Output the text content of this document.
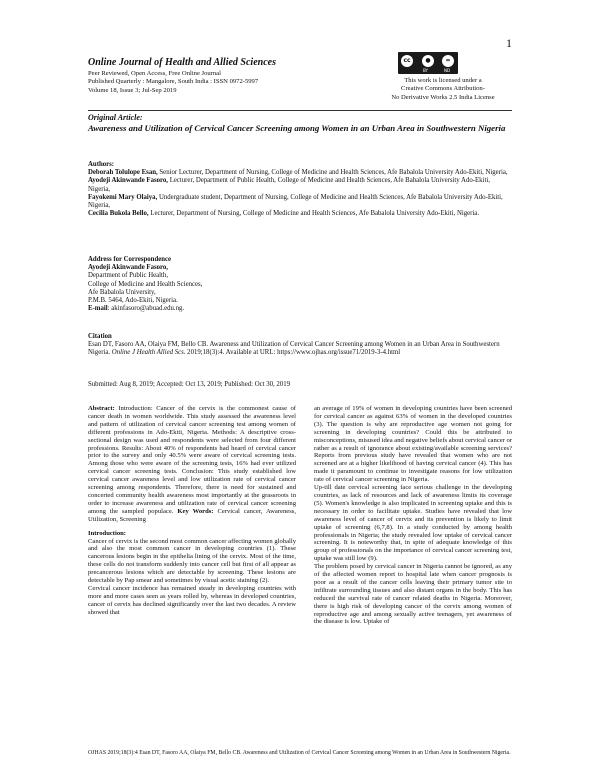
1
Online Journal of Health and Allied Sciences
Peer Reviewed, Open Access, Free Online Journal
Published Quarterly : Mangalore, South India : ISSN 0972-5997
Volume 18, Issue 3; Jul-Sep 2019
cc	●	=
BY	ND
This work is licensed under a
Creative Commons Attribution-
No Derivative Works 2.5 India License
Original Article:
Awareness and Utilization of Cervical Cancer Screening among Women in an Urban Area in Southwestern Nigeria
Authors:
Deborah Tolulope Esan, Senior Lecturer, Department of Nursing, College of Medicine and Health Sciences, Afe Babalola University Ado-Ekiti, Nigeria,
Ayodeji Akinwande Fasoro, Lecturer, Department of Public Health, College of Medicine and Health Sciences, Afe Babalola University Ado-Ekiti, Nigeria,
Fayokemi Mary Olaiya, Undergraduate student, Department of Nursing, College of Medicine and Health Sciences, Afe Babalola University Ado-Ekiti, Nigeria,
Cecilia Bukola Bello, Lecturer, Department of Nursing, College of Medicine and Health Sciences, Afe Babalola University Ado-Ekiti, Nigeria.
Address for Correspondence
Ayodeji Akinwande Fasoro,
Department of Public Health,
College of Medicine and Health Sciences,
Afe Babalola University,
P.M.B. 5464, Ado-Ekiti, Nigeria.
E-mail: akinfasoro@abuad.edu.ng.
Citation
Esan DT, Fasoro AA, Olaiya FM, Bello CB. Awareness and Utilization of Cervical Cancer Screening among Women in an Urban Area in Southwestern Nigeria. Online J Health Allied Scs. 2019;18(3):4. Available at URL: https://www.ojhas.org/issue71/2019-3-4.html
Submitted: Aug 8, 2019; Accepted: Oct 13, 2019; Published: Oct 30, 2019
Abstract: Introduction: Cancer of the cervix is the commonest cause of cancer death in women worldwide. This study assessed the awareness level and pattern of utilization of cervical cancer screening test among women of different professions in Ado-Ekiti, Nigeria. Methods: A descriptive cross-sectional design was used and respondents were selected from four different professions. Results: About 40% of respondents had heard of cervical cancer prior to the survey and only 40.5% were aware of cervical screening tests. Among those who were aware of the screening tests, 16% had ever utilized cervical cancer screening tests. Conclusion: This study established low cervical cancer awareness level and low utilization rate of cervical cancer screening among respondents. Therefore, there is need for sustained and concerted community health awareness most importantly at the grassroots in order to increase awareness and utilization rate of cervical cancer screening among the sampled populace. Key Words: Cervical cancer, Awareness, Utilization, Screening
Introduction:
Cancer of cervix is the second most common cancer affecting women globally and also the most common cancer in developing countries (1). These cancerous lesions begin in the epithelia lining of the cervix. Most of the time, these cells do not transform suddenly into cancer cell but first of all appear as precancerous lesions which are detectable by screening. These lesions are detectable by Pap smear and sometimes by visual acetic staining (2).
Cervical cancer incidence has remained steady in developing countries with more and more cases seen as years rolled by, whereas in developed countries, cancer of cervix has declined significantly over the last two decades. A review showed that
an average of 19% of women in developing countries have been screened for cervical cancer as against 63% of women in the developed countries (3). The question is why are reproductive age women not going for screening in developing countries? Could this be attributed to misconceptions, misused idea and negative beliefs about cervical cancer or rather as a result of ignorance about existing/available screening services? Reports from previous study have revealed that women who are not screened are at a higher likelihood of having cervical cancer (4). This has made it paramount to continue to investigate reasons for low utilization rate of cervical cancer screening in Nigeria.
Up-till date cervical screening face serious challenge in the developing countries, as lack of resources and lack of awareness limits its coverage (5). Women's knowledge is also implicated in screening uptake and this is necessary in order to facilitate uptake. Studies have revealed that low awareness level of cancer of cervix and its prevention is likely to limit uptake of screening (6,7,8). In a study conducted by among health professionals in Nigeria; the study revealed low uptake of cervical cancer screening. It is noteworthy that, in spite of adequate knowledge of this group of professionals on the importance of cervical cancer screening test, uptake was still low (9).
The problem posed by cervical cancer in Nigeria cannot be ignored, as any of the affected women report to hospital late when cancer prognosis is poor as a result of the cancer cells leaving their primary tumor site to infiltrate surrounding tissues and also distant organs in the body. This has reduced the survival rate of cancer related deaths in Nigeria. Moreover, there is high risk of developing cancer of the cervix among women of reproductive age and among sexually active teenagers, yet awareness of the disease is low. Uptake of
OJHAS 2019;18(3):4 Esan DT, Fasoro AA, Olaiya FM, Bello CB. Awareness and Utilization of Cervical Cancer Screening among Women in an Urban Area in Southwestern Nigeria.
